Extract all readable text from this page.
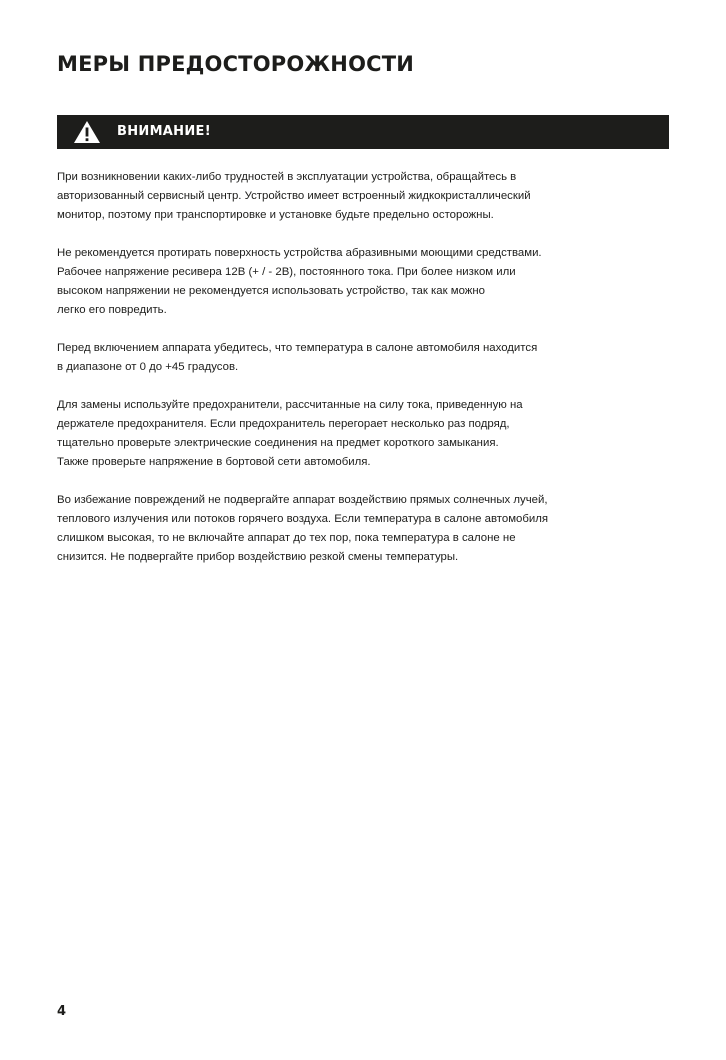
МЕРЫ ПРЕДОСТОРОЖНОСТИ
ВНИМАНИЕ!

При возникновении каких-либо трудностей в эксплуатации устройства, обращайтесь в
авторизованный сервисный центр. Устройство имеет встроенный жидкокристаллический
монитор, поэтому при транспортировке и установке будьте предельно осторожны.

Не рекомендуется протирать поверхность устройства абразивными моющими средствами.
Рабочее напряжение ресивера 12В (+ / - 2В), постоянного тока. При более низком или
высоком напряжении не рекомендуется использовать устройство, так как можно
легко его повредить.

Перед включением аппарата убедитесь, что температура в салоне автомобиля находится
в диапазоне от 0 до +45 градусов.

Для замены используйте предохранители, рассчитанные на силу тока, приведенную на
держателе предохранителя. Если предохранитель перегорает несколько раз подряд,
тщательно проверьте электрические соединения на предмет короткого замыкания.
Также проверьте напряжение в бортовой сети автомобиля.

Во избежание повреждений не подвергайте аппарат воздействию прямых солнечных лучей,
теплового излучения или потоков горячего воздуха. Если температура в салоне автомобиля
слишком высокая, то не включайте аппарат до тех пор, пока температура в салоне не
снизится. Не подвергайте прибор воздействию резкой смены температуры.

4
